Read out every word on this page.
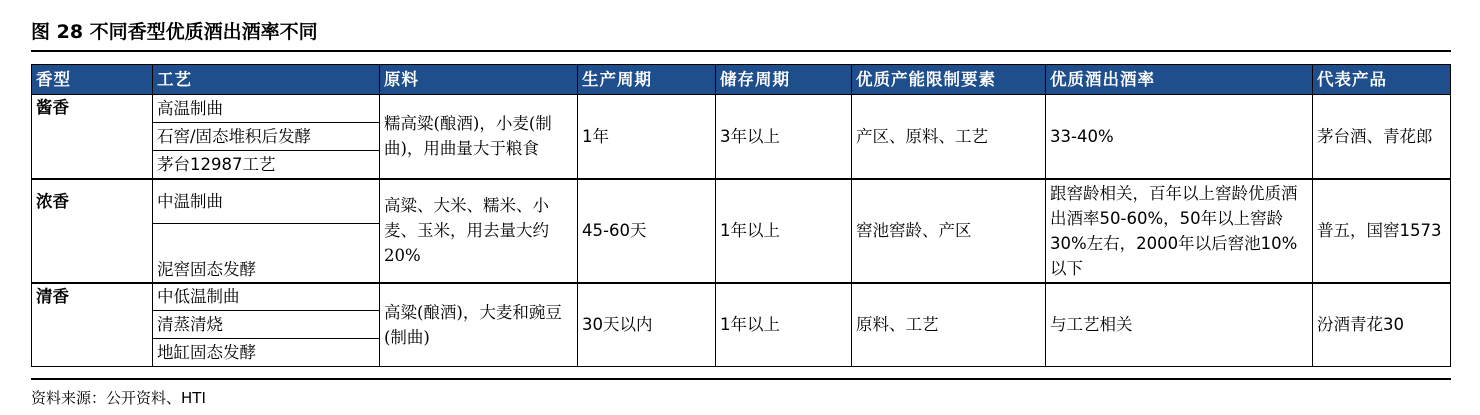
图 28 不同香型优质酒出酒率不同
香型	工艺	原料	生产周期	储存周期	优质产能限制要素	优质酒出酒率	代表产品
酱香	高温制曲	糯高粱(酿酒)，小麦(制曲)，用曲量大于粮食	1年	3年以上	产区、原料、工艺	33-40%	茅台酒、青花郎
	石窖/固态堆积后发酵						
	茅台12987工艺						
浓香	中温制曲	高粱、大米、糯米、小麦、玉米，用去量大约20%	45-60天	1年以上	窖池窖龄、产区	跟窖龄相关，百年以上窖龄优质酒出酒率50-60%，50年以上窖龄30%左右，2000年以后窖池10%以下	普五，国窖1573
	泥窖固态发酵						
清香	中低温制曲	高粱(酿酒)，大麦和豌豆(制曲)	30天以内	1年以上	原料、工艺	与工艺相关	汾酒青花30
	清蒸清烧						
	地缸固态发酵						
资料来源：公开资料、HTI
